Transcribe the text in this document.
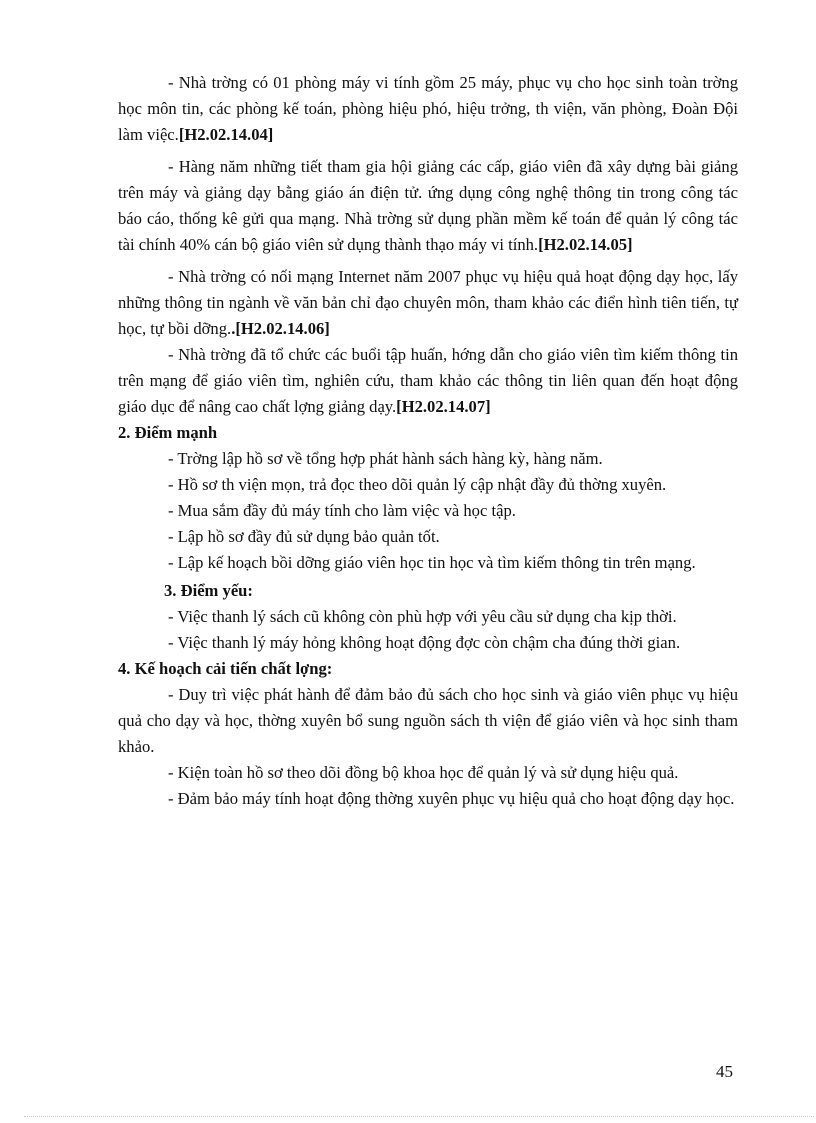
- Nhà trờng có 01 phòng máy vi tính gồm 25 máy, phục vụ cho học sinh toàn trờng học môn tin, các phòng kế toán, phòng hiệu phó, hiệu trởng, th viện, văn phòng, Đoàn Đội làm việc.[H2.02.14.04]

- Hàng năm những tiết tham gia hội giảng các cấp, giáo viên đã xây dựng bài giảng trên máy và giảng dạy bằng giáo án điện tử. ứng dụng công nghệ thông tin trong công tác báo cáo, thống kê gửi qua mạng. Nhà trờng sử dụng phần mềm kế toán để quản lý công tác tài chính 40% cán bộ giáo viên sử dụng thành thạo máy vi tính.[H2.02.14.05]

- Nhà trờng có nối mạng Internet năm 2007 phục vụ hiệu quả hoạt động dạy học, lấy những thông tin ngành về văn bản chỉ đạo chuyên môn, tham khảo các điển hình tiên tiến, tự học, tự bồi dỡng..[H2.02.14.06]

- Nhà trờng đã tổ chức các buổi tập huấn, hớng dẫn cho giáo viên tìm kiếm thông tin trên mạng để giáo viên tìm, nghiên cứu, tham khảo các thông tin liên quan đến hoạt động giáo dục để nâng cao chất lợng giảng dạy.[H2.02.14.07]

2. Điểm mạnh

- Trờng lập hồ sơ về tổng hợp phát hành sách hàng kỳ, hàng năm.

- Hồ sơ th viện mọn, trả đọc theo dõi quản lý cập nhật đầy đủ thờng xuyên.

- Mua sắm đầy đủ máy tính cho làm việc và học tập.

- Lập hồ sơ đầy đủ sử dụng bảo quản tốt.

- Lập kế hoạch bồi dỡng giáo viên học tin học và tìm kiếm thông tin trên mạng.

3. Điểm yếu:

- Việc thanh lý sách cũ không còn phù hợp với yêu cầu sử dụng cha kịp thời.

- Việc thanh lý máy hỏng không hoạt động đợc còn chậm cha đúng thời gian.

4. Kế hoạch cải tiến chất lợng:

- Duy trì việc phát hành để đảm bảo đủ sách cho học sinh và giáo viên phục vụ hiệu quả cho dạy và học, thờng xuyên bổ sung nguồn sách th viện để giáo viên và học sinh tham khảo.

- Kiện toàn hồ sơ theo dõi đồng bộ khoa học để quản lý và sử dụng hiệu quả.

- Đảm bảo máy tính hoạt động thờng xuyên phục vụ hiệu quả cho hoạt động dạy học.

45
